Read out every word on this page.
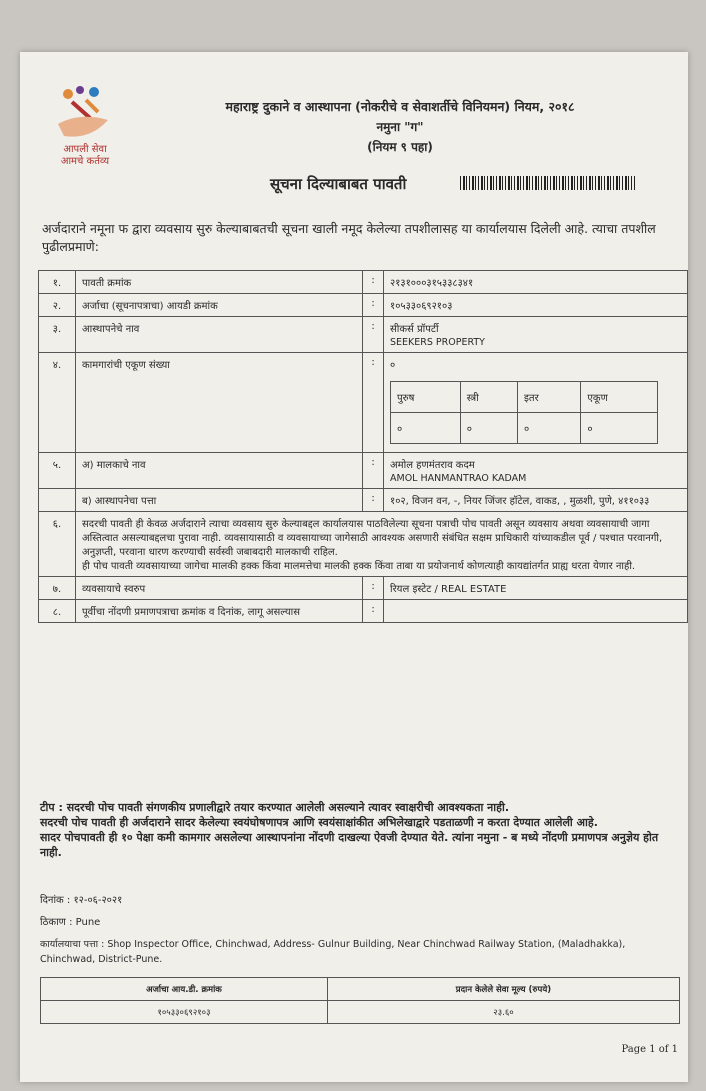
आपली सेवा
आमचे कर्तव्य
महाराष्ट्र दुकाने व आस्थापना (नोकरीचे व सेवाशर्तीचे विनियमन) नियम, २०१८
नमुना "ग"
(नियम ९ पहा)
सूचना दिल्याबाबत पावती
अर्जदाराने नमूना फ द्वारा व्यवसाय सुरु केल्याबाबतची सूचना खाली नमूद केलेल्या तपशीलासह या कार्यालयास दिलेली आहे. त्याचा तपशील पुढीलप्रमाणे:
१.	पावती क्रमांक	:	२१३१०००३१५३३८३४१
२.	अर्जाचा (सूचनापत्राचा) आयडी क्रमांक	:	१०५३३०६९२१०३
३.	आस्थापनेचे नाव	:	सीकर्स प्रॉपर्टी
SEEKERS PROPERTY

४.	कामगारांची एकूण संख्या	:	०
पुरुष	स्त्री	इतर	एकूण
०	०	०	०

५.	अ) मालकाचे नाव	:	अमोल हणमंतराव कदम
AMOL HANMANTRAO KADAM

	ब) आस्थापनेचा पत्ता	:	१०२, विजन वन, -, नियर जिंजर हॉटेल, वाकड, , मुळशी, पुणे, ४११०३३
६.	सदरची पावती ही केवळ अर्जदाराने त्याचा व्यवसाय सुरु केल्याबद्दल कार्यालयास पाठविलेल्या सूचना पत्राची पोच पावती असून व्यवसाय अथवा व्यवसायाची जागा अस्तित्वात असल्याबद्दलचा पुरावा नाही. व्यवसायासाठी व व्यवसायाच्या जागेसाठी आवश्यक असणारी संबंधित सक्षम प्राधिकारी यांच्याकडील पूर्व / पश्चात परवानगी, अनुज्ञप्ती, परवाना धारण करण्याची सर्वस्वी जबाबदारी मालकाची राहिल.
ही पोच पावती व्यवसायाच्या जागेचा मालकी हक्क किंवा मालमत्तेचा मालकी हक्क किंवा ताबा या प्रयोजनार्थ कोणत्याही कायद्यांतर्गत प्राह्य धरता येणार नाही.

७.	व्यवसायाचे स्वरुप	:	रियल इस्टेट / REAL ESTATE
८.	पूर्वीचा नोंदणी प्रमाणपत्राचा क्रमांक व दिनांक, लागू असल्यास	:	
टीप : सदरची पोच पावती संगणकीय प्रणालीद्वारे तयार करण्यात आलेली असल्याने त्यावर स्वाक्षरीची आवश्यकता नाही.
सदरची पोच पावती ही अर्जदाराने सादर केलेल्या स्वयंघोषणापत्र आणि स्वयंसाक्षांकीत अभिलेखाद्वारे पडताळणी न करता देण्यात आलेली आहे.
सादर पोचपावती ही १० पेक्षा कमी कामगार असलेल्या आस्थापनांना नोंदणी दाखल्या ऐवजी देण्यात येते. त्यांना नमुना - ब मध्ये नोंदणी प्रमाणपत्र अनुज्ञेय होत नाही.
दिनांक : १२-०६-२०२१
ठिकाण : Pune
कार्यालयाचा पत्ता : Shop Inspector Office, Chinchwad, Address- Gulnur Building, Near Chinchwad Railway Station, (Maladhakka), Chinchwad, District-Pune.
अर्जाचा आय.डी. क्रमांक	प्रदान केलेले सेवा मूल्य (रुपये)
१०५३३०६९२१०३	२३.६०
Page 1 of 1
